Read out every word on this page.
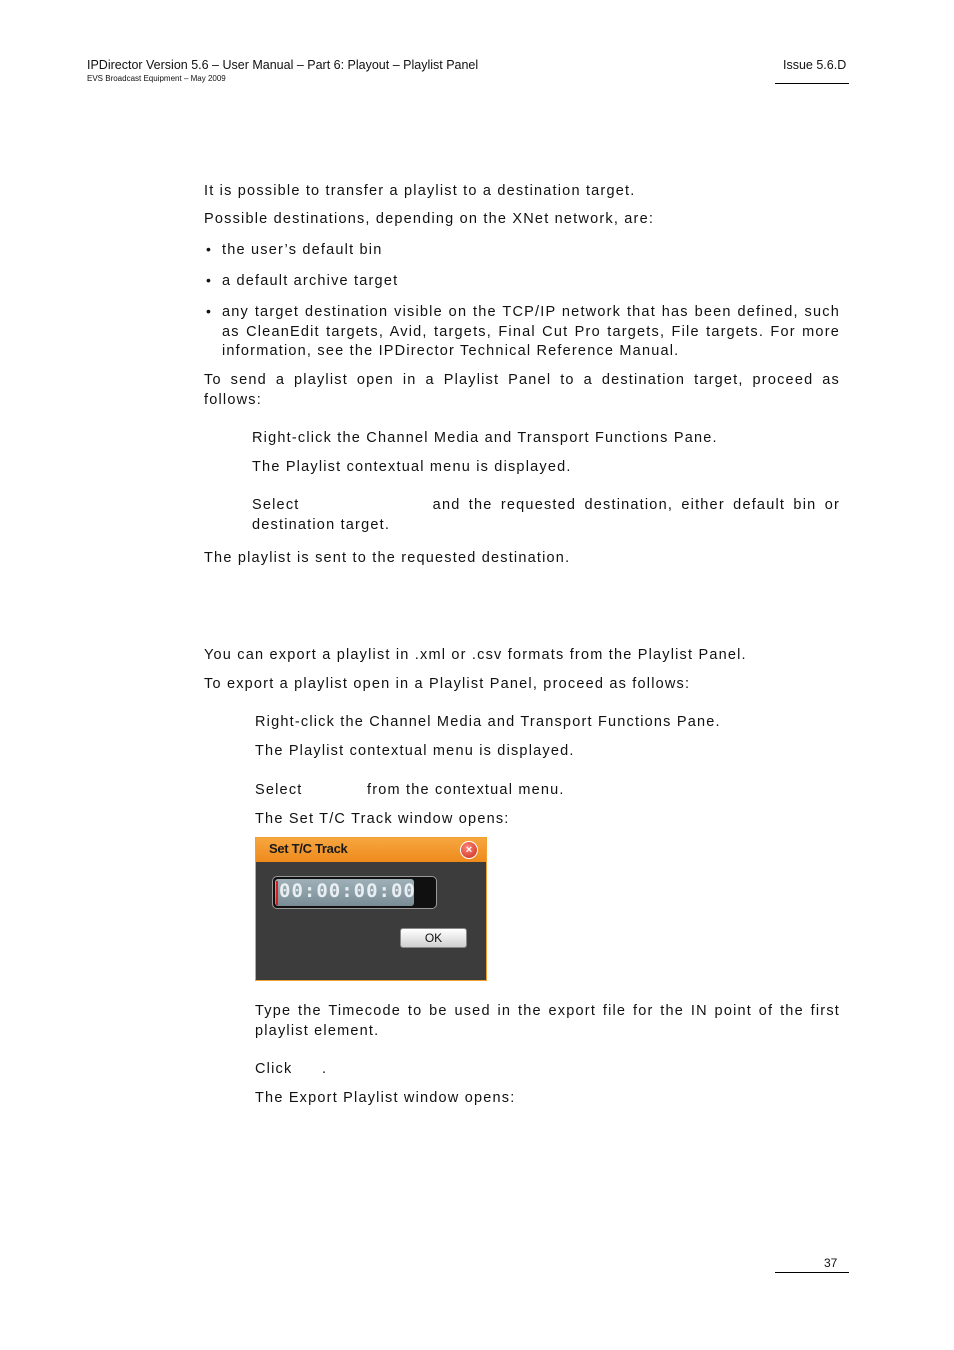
IPDirector Version 5.6 – User Manual – Part 6: Playout – Playlist Panel
EVS Broadcast Equipment – May 2009
Issue 5.6.D
It is possible to transfer a playlist to a destination target.
Possible destinations, depending on the XNet network, are:
• the user’s default bin
• a default archive target
• any target destination visible on the TCP/IP network that has been defined, such as CleanEdit targets, Avid, targets, Final Cut Pro targets, File targets. For more information, see the IPDirector Technical Reference Manual.
To send a playlist open in a Playlist Panel to a destination target, proceed as follows:
Right-click the Channel Media and Transport Functions Pane.
The Playlist contextual menu is displayed.
Select                and the requested destination, either default bin or destination target.
The playlist is sent to the requested destination.
You can export a playlist in .xml or .csv formats from the Playlist Panel.
To export a playlist open in a Playlist Panel, proceed as follows:
Right-click the Channel Media and Transport Functions Pane.
The Playlist contextual menu is displayed.
Select	from the contextual menu.
The Set T/C Track window opens:
Set T/C Track	×
00:00:00:00
OK
Type the Timecode to be used in the export file for the IN point of the first playlist element.
Click .
The Export Playlist window opens:
37
